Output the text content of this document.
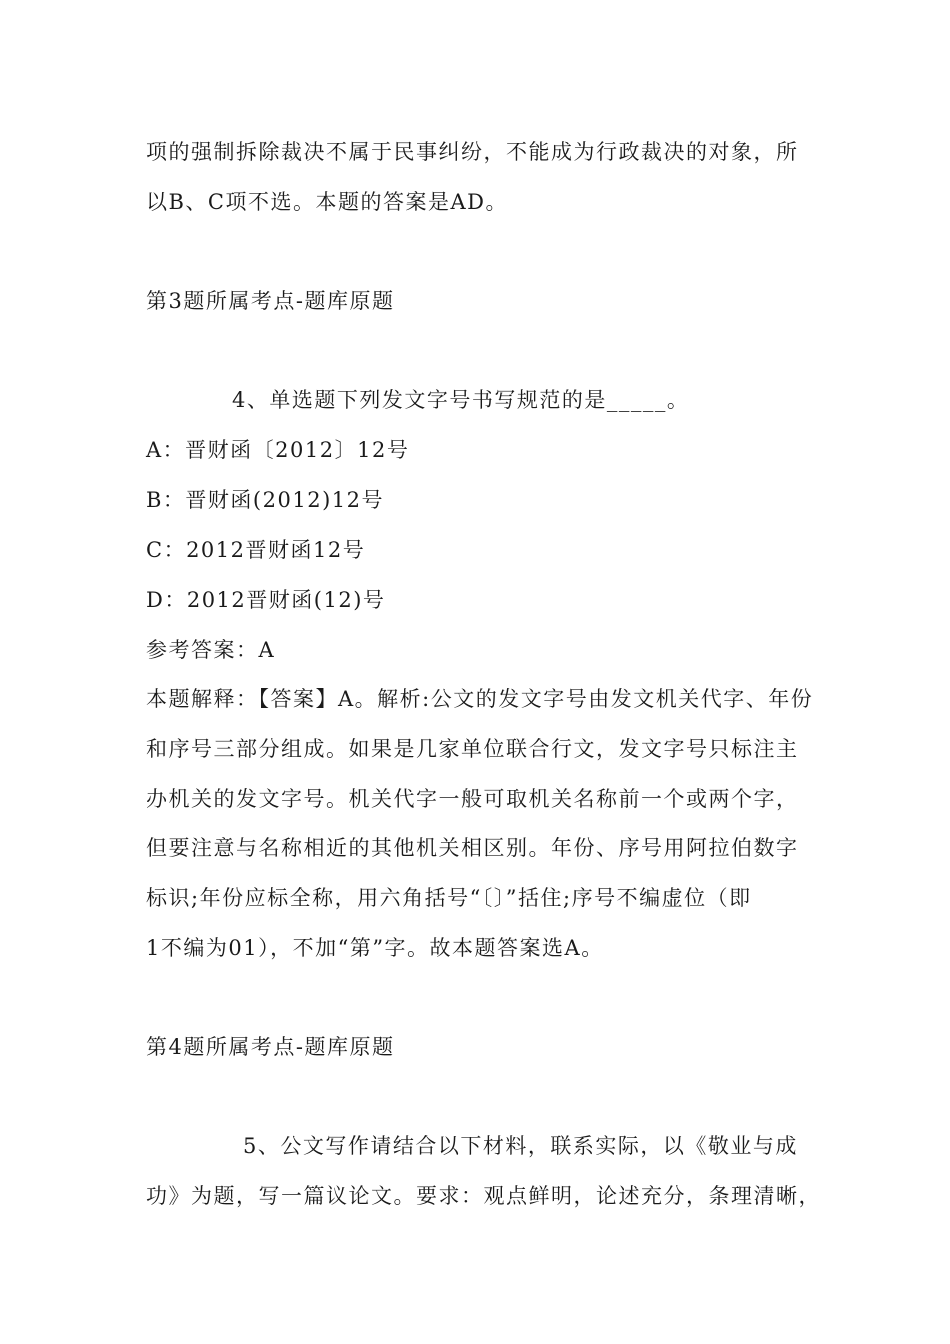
项的强制拆除裁决不属于民事纠纷，不能成为行政裁决的对象，所
以B、C项不选。本题的答案是AD。
第3题所属考点-题库原题
4、单选题下列发文字号书写规范的是_____。
A：晋财函〔2012〕12号
B：晋财函(2012)12号
C：2012晋财函12号
D：2012晋财函(12)号
参考答案：A
本题解释：【答案】A。解析:公文的发文字号由发文机关代字、年份
和序号三部分组成。如果是几家单位联合行文，发文字号只标注主
办机关的发文字号。机关代字一般可取机关名称前一个或两个字，
但要注意与名称相近的其他机关相区别。年份、序号用阿拉伯数字
标识;年份应标全称，用六角括号“〔〕”括住;序号不编虚位（即
1不编为01），不加“第”字。故本题答案选A。
第4题所属考点-题库原题
5、公文写作请结合以下材料，联系实际，以《敬业与成
功》为题，写一篇议论文。要求：观点鲜明，论述充分，条理清晰，
